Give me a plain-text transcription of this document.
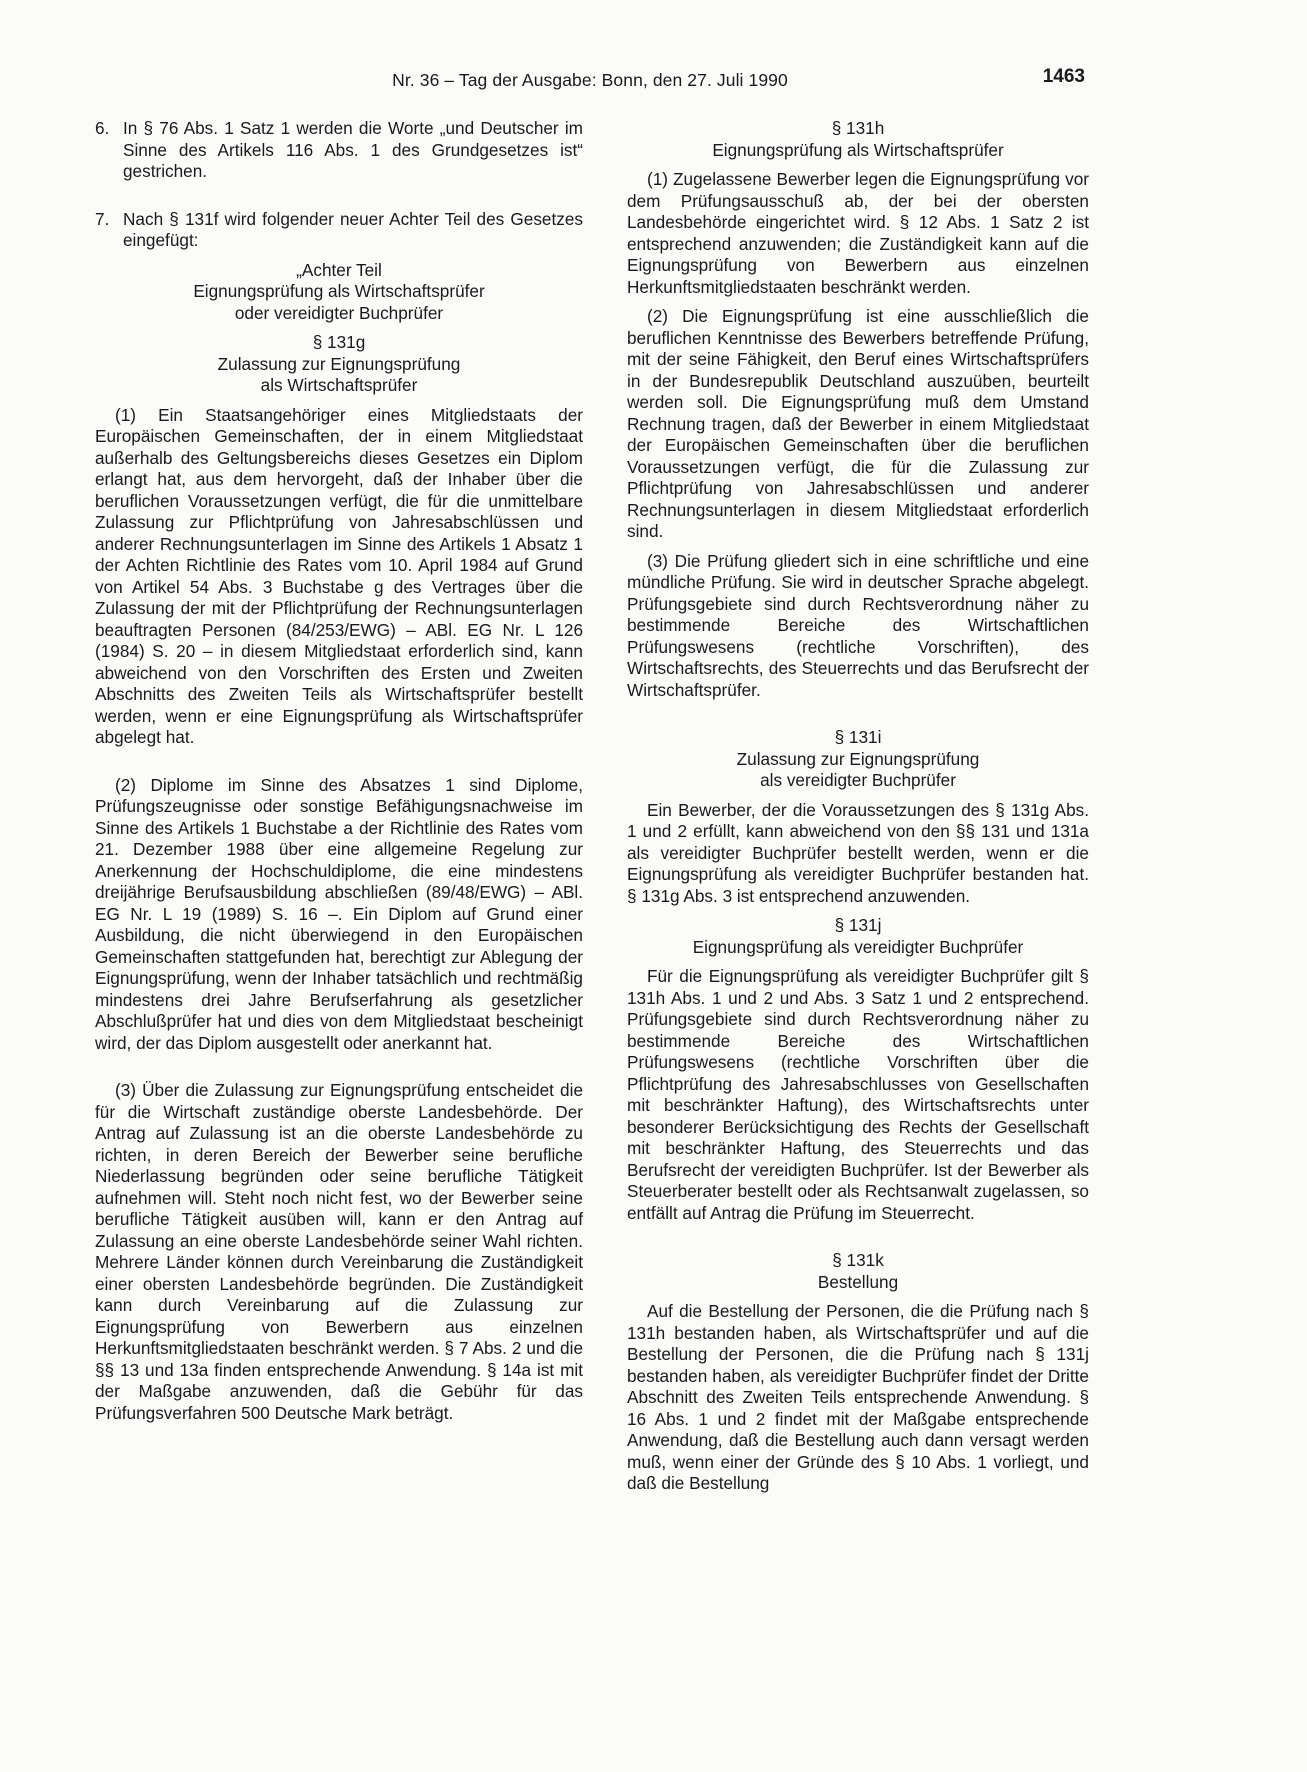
Nr. 36 – Tag der Ausgabe: Bonn, den 27. Juli 1990	1463
6. In § 76 Abs. 1 Satz 1 werden die Worte „und Deutscher im Sinne des Artikels 116 Abs. 1 des Grundgesetzes ist“ gestrichen.

7. Nach § 131f wird folgender neuer Achter Teil des Gesetzes eingefügt:

„Achter Teil

Eignungsprüfung als Wirtschaftsprüfer

oder vereidigter Buchprüfer

§ 131g

Zulassung zur Eignungsprüfung

als Wirtschaftsprüfer

(1) Ein Staatsangehöriger eines Mitgliedstaats der Europäischen Gemeinschaften, der in einem Mitgliedstaat außerhalb des Geltungsbereichs dieses Gesetzes ein Diplom erlangt hat, aus dem hervorgeht, daß der Inhaber über die beruflichen Voraussetzungen verfügt, die für die unmittelbare Zulassung zur Pflichtprüfung von Jahresabschlüssen und anderer Rechnungsunterlagen im Sinne des Artikels 1 Absatz 1 der Achten Richtlinie des Rates vom 10. April 1984 auf Grund von Artikel 54 Abs. 3 Buchstabe g des Vertrages über die Zulassung der mit der Pflichtprüfung der Rechnungsunterlagen beauftragten Personen (84/253/EWG) – ABl. EG Nr. L 126 (1984) S. 20 – in diesem Mitgliedstaat erforderlich sind, kann abweichend von den Vorschriften des Ersten und Zweiten Abschnitts des Zweiten Teils als Wirtschaftsprüfer bestellt werden, wenn er eine Eignungsprüfung als Wirtschaftsprüfer abgelegt hat.

(2) Diplome im Sinne des Absatzes 1 sind Diplome, Prüfungszeugnisse oder sonstige Befähigungsnachweise im Sinne des Artikels 1 Buchstabe a der Richtlinie des Rates vom 21. Dezember 1988 über eine allgemeine Regelung zur Anerkennung der Hochschuldiplome, die eine mindestens dreijährige Berufsausbildung abschließen (89/48/EWG) – ABl. EG Nr. L 19 (1989) S. 16 –. Ein Diplom auf Grund einer Ausbildung, die nicht überwiegend in den Europäischen Gemeinschaften stattgefunden hat, berechtigt zur Ablegung der Eignungsprüfung, wenn der Inhaber tatsächlich und rechtmäßig mindestens drei Jahre Berufserfahrung als gesetzlicher Abschlußprüfer hat und dies von dem Mitgliedstaat bescheinigt wird, der das Diplom ausgestellt oder anerkannt hat.

(3) Über die Zulassung zur Eignungsprüfung entscheidet die für die Wirtschaft zuständige oberste Landesbehörde. Der Antrag auf Zulassung ist an die oberste Landesbehörde zu richten, in deren Bereich der Bewerber seine berufliche Niederlassung begründen oder seine berufliche Tätigkeit aufnehmen will. Steht noch nicht fest, wo der Bewerber seine berufliche Tätigkeit ausüben will, kann er den Antrag auf Zulassung an eine oberste Landesbehörde seiner Wahl richten. Mehrere Länder können durch Vereinbarung die Zuständigkeit einer obersten Landesbehörde begründen. Die Zuständigkeit kann durch Vereinbarung auf die Zulassung zur Eignungsprüfung von Bewerbern aus einzelnen Herkunftsmitgliedstaaten beschränkt werden. § 7 Abs. 2 und die §§ 13 und 13a finden entsprechende Anwendung. § 14a ist mit der Maßgabe anzuwenden, daß die Gebühr für das Prüfungsverfahren 500 Deutsche Mark beträgt.

§ 131h

Eignungsprüfung als Wirtschaftsprüfer

(1) Zugelassene Bewerber legen die Eignungsprüfung vor dem Prüfungsausschuß ab, der bei der obersten Landesbehörde eingerichtet wird. § 12 Abs. 1 Satz 2 ist entsprechend anzuwenden; die Zuständigkeit kann auf die Eignungsprüfung von Bewerbern aus einzelnen Herkunftsmitgliedstaaten beschränkt werden.

(2) Die Eignungsprüfung ist eine ausschließlich die beruflichen Kenntnisse des Bewerbers betreffende Prüfung, mit der seine Fähigkeit, den Beruf eines Wirtschaftsprüfers in der Bundesrepublik Deutschland auszuüben, beurteilt werden soll. Die Eignungsprüfung muß dem Umstand Rechnung tragen, daß der Bewerber in einem Mitgliedstaat der Europäischen Gemeinschaften über die beruflichen Voraussetzungen verfügt, die für die Zulassung zur Pflichtprüfung von Jahresabschlüssen und anderer Rechnungsunterlagen in diesem Mitgliedstaat erforderlich sind.

(3) Die Prüfung gliedert sich in eine schriftliche und eine mündliche Prüfung. Sie wird in deutscher Sprache abgelegt. Prüfungsgebiete sind durch Rechtsverordnung näher zu bestimmende Bereiche des Wirtschaftlichen Prüfungswesens (rechtliche Vorschriften), des Wirtschaftsrechts, des Steuerrechts und das Berufsrecht der Wirtschaftsprüfer.

§ 131i

Zulassung zur Eignungsprüfung

als vereidigter Buchprüfer

Ein Bewerber, der die Voraussetzungen des § 131g Abs. 1 und 2 erfüllt, kann abweichend von den §§ 131 und 131a als vereidigter Buchprüfer bestellt werden, wenn er die Eignungsprüfung als vereidigter Buchprüfer bestanden hat. § 131g Abs. 3 ist entsprechend anzuwenden.

§ 131j

Eignungsprüfung als vereidigter Buchprüfer

Für die Eignungsprüfung als vereidigter Buchprüfer gilt § 131h Abs. 1 und 2 und Abs. 3 Satz 1 und 2 entsprechend. Prüfungsgebiete sind durch Rechtsverordnung näher zu bestimmende Bereiche des Wirtschaftlichen Prüfungswesens (rechtliche Vorschriften über die Pflichtprüfung des Jahresabschlusses von Gesellschaften mit beschränkter Haftung), des Wirtschaftsrechts unter besonderer Berücksichtigung des Rechts der Gesellschaft mit beschränkter Haftung, des Steuerrechts und das Berufsrecht der vereidigten Buchprüfer. Ist der Bewerber als Steuerberater bestellt oder als Rechtsanwalt zugelassen, so entfällt auf Antrag die Prüfung im Steuerrecht.

§ 131k

Bestellung

Auf die Bestellung der Personen, die die Prüfung nach § 131h bestanden haben, als Wirtschaftsprüfer und auf die Bestellung der Personen, die die Prüfung nach § 131j bestanden haben, als vereidigter Buchprüfer findet der Dritte Abschnitt des Zweiten Teils entsprechende Anwendung. § 16 Abs. 1 und 2 findet mit der Maßgabe entsprechende Anwendung, daß die Bestellung auch dann versagt werden muß, wenn einer der Gründe des § 10 Abs. 1 vorliegt, und daß die Bestellung
